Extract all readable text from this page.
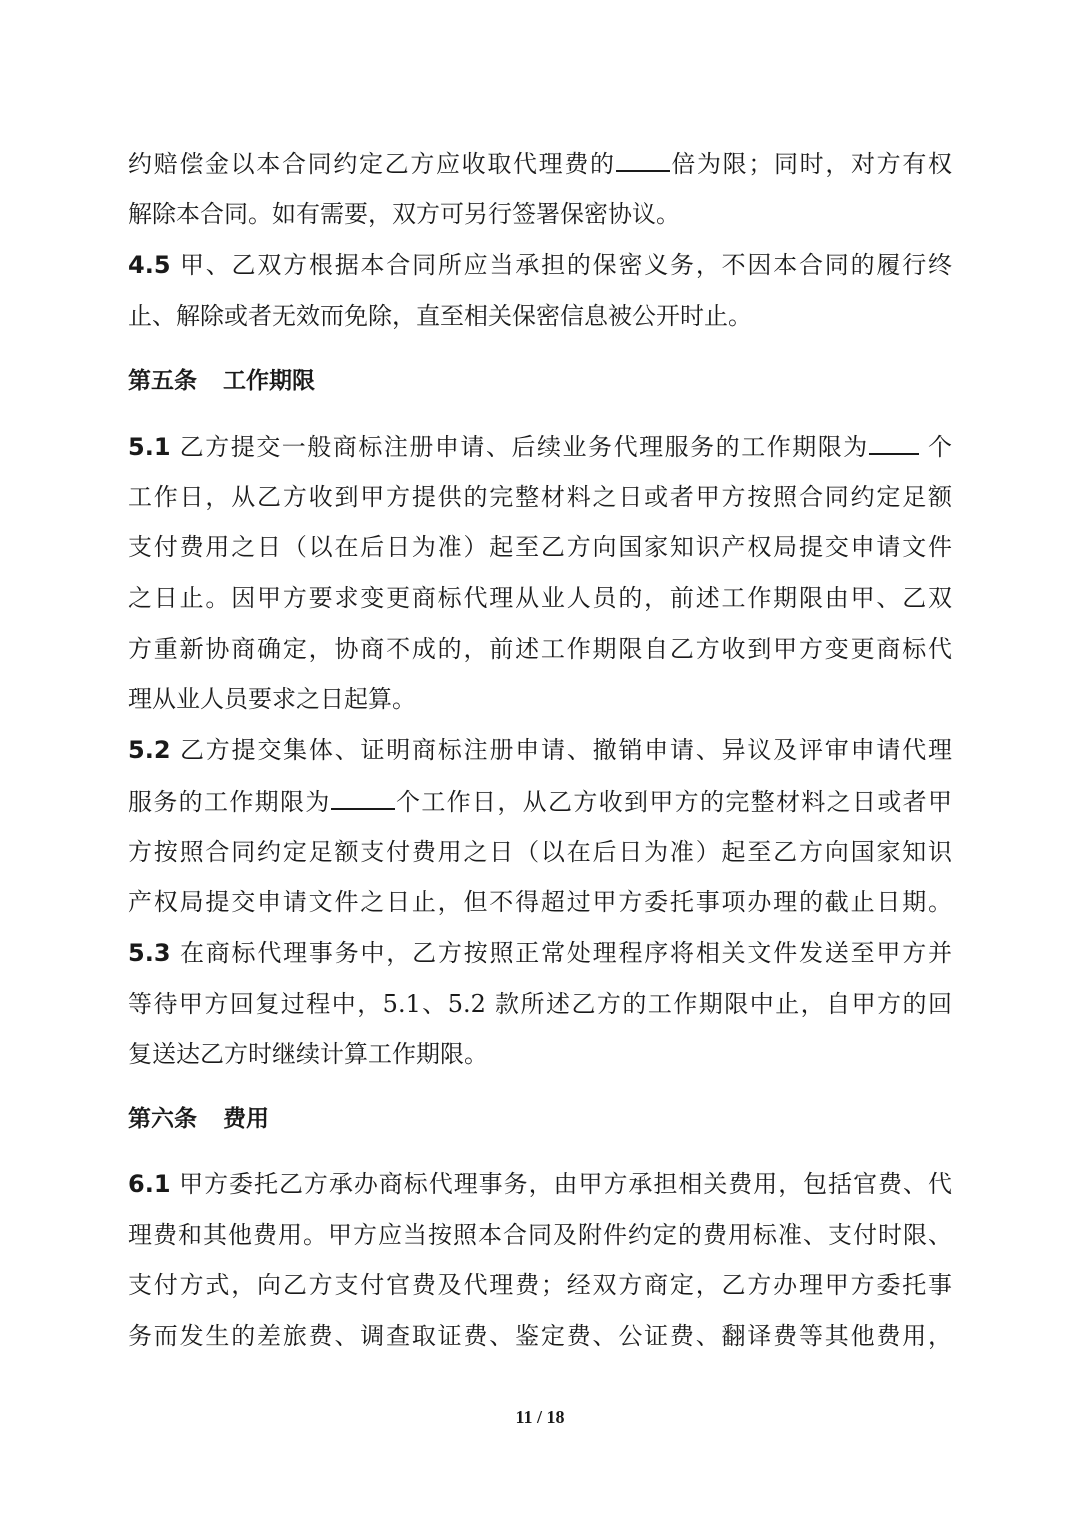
约赔偿金以本合同约定乙方应收取代理费的 倍为限；同时，对方有权
解除本合同。如有需要，双方可另行签署保密协议。
4.5 甲、乙双方根据本合同所应当承担的保密义务，不因本合同的履行终
止、解除或者无效而免除，直至相关保密信息被公开时止。
第五条 工作期限
5.1 乙方提交一般商标注册申请、后续业务代理服务的工作期限为 个
工作日，从乙方收到甲方提供的完整材料之日或者甲方按照合同约定足额
支付费用之日（以在后日为准）起至乙方向国家知识产权局提交申请文件
之日止。因甲方要求变更商标代理从业人员的，前述工作期限由甲、乙双
方重新协商确定，协商不成的，前述工作期限自乙方收到甲方变更商标代
理从业人员要求之日起算。
5.2 乙方提交集体、证明商标注册申请、撤销申请、异议及评审申请代理
服务的工作期限为	个工作日，从乙方收到甲方的完整材料之日或者甲
方按照合同约定足额支付费用之日（以在后日为准）起至乙方向国家知识
产权局提交申请文件之日止，但不得超过甲方委托事项办理的截止日期。
5.3 在商标代理事务中，乙方按照正常处理程序将相关文件发送至甲方并
等待甲方回复过程中，5.1、5.2 款所述乙方的工作期限中止，自甲方的回
复送达乙方时继续计算工作期限。
第六条 费用
6.1 甲方委托乙方承办商标代理事务，由甲方承担相关费用，包括官费、代
理费和其他费用。甲方应当按照本合同及附件约定的费用标准、支付时限、
支付方式，向乙方支付官费及代理费；经双方商定，乙方办理甲方委托事
务而发生的差旅费、调查取证费、鉴定费、公证费、翻译费等其他费用，
11 / 18
